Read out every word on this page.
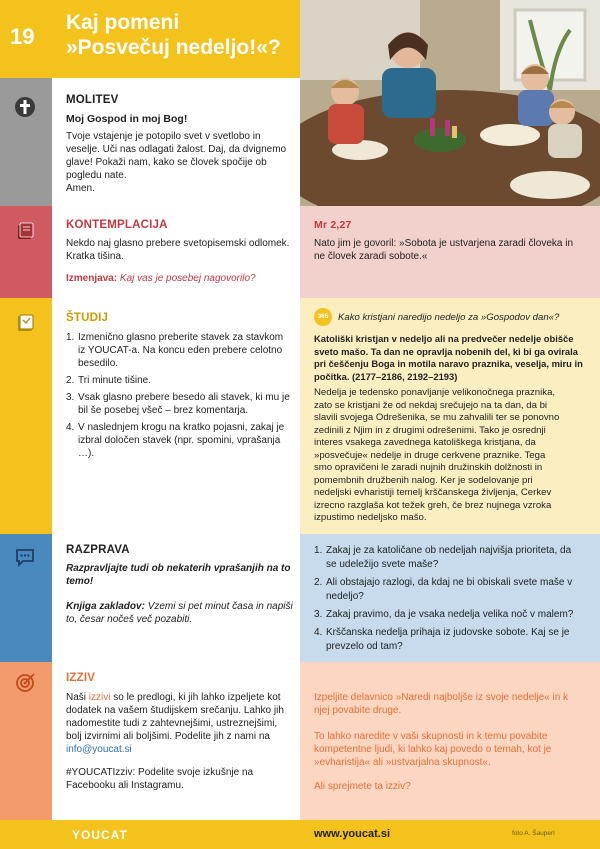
19
Kaj pomeni
»Posvečuj nedeljo!«?
MOLITEV
Moj Gospod in moj Bog!
Tvoje vstajenje je potopilo svet v svetlobo in
veselje. Uči nas odlagati žalost. Daj, da dvignemo
glave! Pokaži nam, kako se človek spočije ob
pogledu nate.
Amen.
KONTEMPLACIJA
Nekdo naj glasno prebere svetopisemski odlomek.
Kratka tišina.
Izmenjava: Kaj vas je posebej nagovorilo?
Mr 2,27
Nato jim je govoril: »Sobota je ustvarjena zaradi človeka in
ne človek zaradi sobote.«
ŠTUDIJ
1. Izmenično glasno preberite stavek za stavkom
iz YOUCAT-a. Na koncu eden prebere celotno
besedilo.
2. Tri minute tišine.
3. Vsak glasno prebere besedo ali stavek, ki mu je
bil še posebej všeč – brez komentarja.
4. V naslednjem krogu na kratko pojasni, zakaj je
izbral določen stavek (npr. spomini, vprašanja
…).
365 Kako kristjani naredijo nedeljo za »Gospodov dan«?
Katoliški kristjan v nedeljo ali na predvečer nedelje obišče
sveto mašo. Ta dan ne opravlja nobenih del, ki bi ga ovirala
pri češčenju Boga in motila naravo praznika, veselja, miru in
počitka. (2177–2186, 2192–2193)
Nedelja je tedensko ponavljanje velikonočnega praznika,
zato se kristjani že od nekdaj srečujejo na ta dan, da bi
slavili svojega Odrešenika, se mu zahvalili ter se ponovno
zedinili z Njim in z drugimi odrešenimi. Tako je osrednji
interes vsakega zavednega katoliškega kristjana, da
»posvečuje« nedelje in druge cerkvene praznike. Tega
smo opravičeni le zaradi nujnih družinskih dolžnosti in
pomembnih družbenih nalog. Ker je sodelovanje pri
nedeljski evharistiji temelj krščanskega življenja, Cerkev
izrecno razglaša kot težek greh, če brez nujnega vzroka
izpustimo nedeljsko mašo.
RAZPRAVA
Razpravljajte tudi ob nekaterih vprašanjih na to
temo!
Knjiga zakladov: Vzemi si pet minut časa in napiši
to, česar nočeš več pozabiti.
1. Zakaj je za katoličane ob nedeljah najvišja prioriteta, da
se udeležijo svete maše?
2. Ali obstajajo razlogi, da kdaj ne bi obiskali svete maše v
nedeljo?
3. Zakaj pravimo, da je vsaka nedelja velika noč v malem?
4. Krščanska nedelja prihaja iz judovske sobote. Kaj se je
prevzelo od tam?
IZZIV
Naši izzivi so le predlogi, ki jih lahko izpeljete kot
dodatek na vašem študijskem srečanju. Lahko jih
nadomestite tudi z zahtevnejšimi, ustreznejšimi,
bolj izvirnimi ali boljšimi. Podelite jih z nami na
info@youcat.si
#YOUCATIzziv: Podelite svoje izkušnje na
Facebooku ali Instagramu.
Izpeljite delavnico »Naredi najboljše iz svoje nedelje« in k
njej povabite druge.
To lahko naredite v vaši skupnosti in k temu povabite
kompetentne ljudi, ki lahko kaj povedo o temah, kot je
»evharistija« ali »ustvarjalna skupnost«.
Ali sprejmete ta izziv?
YOUCAT	www.youcat.si	foto A. Šauperl
